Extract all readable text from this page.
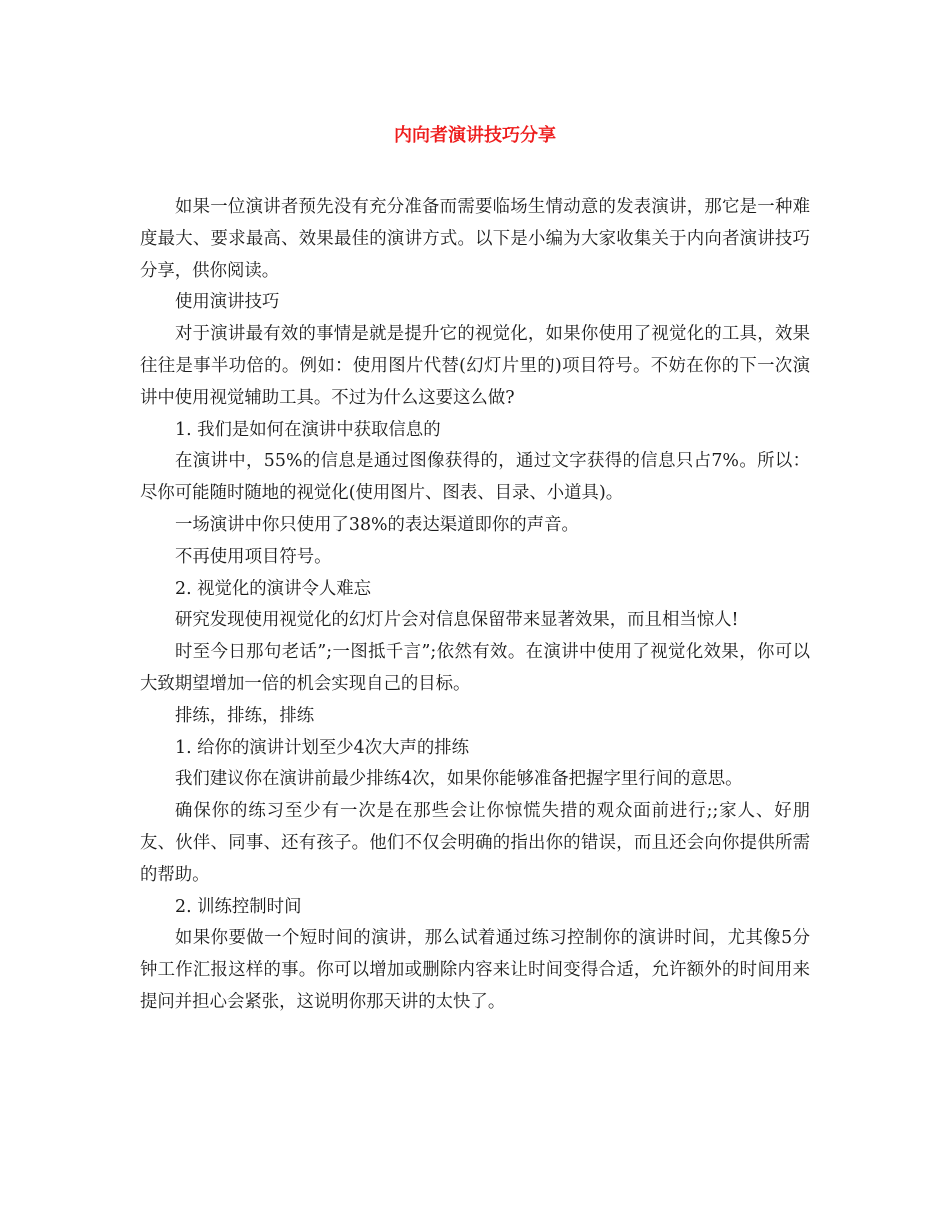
内向者演讲技巧分享

如果一位演讲者预先没有充分准备而需要临场生情动意的发表演讲，那它是一种难度最大、要求最高、效果最佳的演讲方式。以下是小编为大家收集关于内向者演讲技巧分享，供你阅读。

使用演讲技巧

对于演讲最有效的事情是就是提升它的视觉化，如果你使用了视觉化的工具，效果往往是事半功倍的。例如：使用图片代替(幻灯片里的)项目符号。不妨在你的下一次演讲中使用视觉辅助工具。不过为什么这要这么做?

1. 我们是如何在演讲中获取信息的

在演讲中，55%的信息是通过图像获得的，通过文字获得的信息只占7%。所以：尽你可能随时随地的视觉化(使用图片、图表、目录、小道具)。

一场演讲中你只使用了38%的表达渠道即你的声音。

不再使用项目符号。

2. 视觉化的演讲令人难忘

研究发现使用视觉化的幻灯片会对信息保留带来显著效果，而且相当惊人!

时至今日那句老话”;一图抵千言”;依然有效。在演讲中使用了视觉化效果，你可以大致期望增加一倍的机会实现自己的目标。

排练，排练，排练

1. 给你的演讲计划至少4次大声的排练

我们建议你在演讲前最少排练4次，如果你能够准备把握字里行间的意思。

确保你的练习至少有一次是在那些会让你惊慌失措的观众面前进行;;家人、好朋友、伙伴、同事、还有孩子。他们不仅会明确的指出你的错误，而且还会向你提供所需的帮助。

2. 训练控制时间

如果你要做一个短时间的演讲，那么试着通过练习控制你的演讲时间，尤其像5分钟工作汇报这样的事。你可以增加或删除内容来让时间变得合适，允许额外的时间用来提问并担心会紧张，这说明你那天讲的太快了。
